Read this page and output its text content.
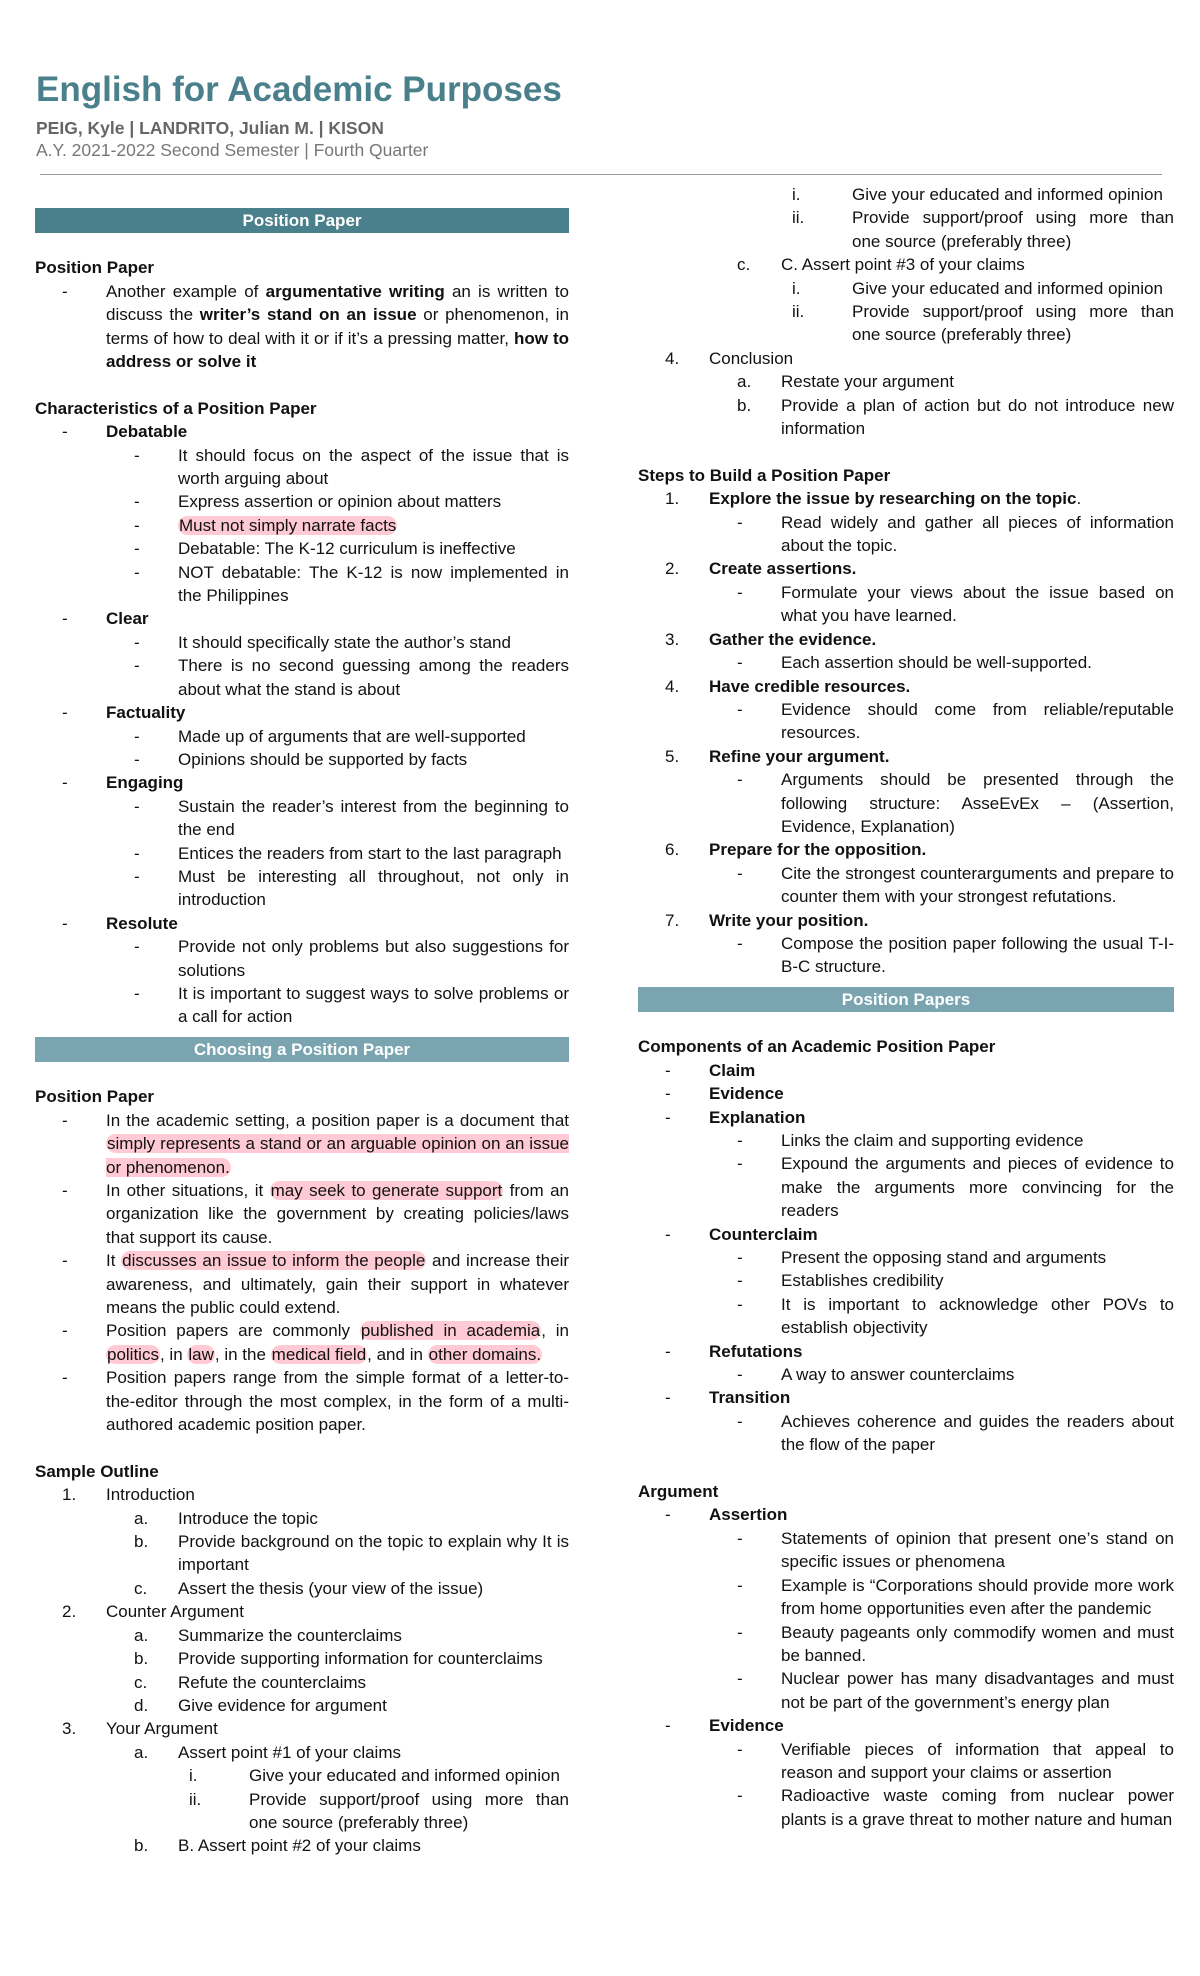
English for Academic Purposes
PEIG, Kyle | LANDRITO, Julian M. | KISON
A.Y. 2021-2022 Second Semester | Fourth Quarter
Position Paper
Position Paper
- Another example of argumentative writing an is written to discuss the writer’s stand on an issue or phenomenon, in terms of how to deal with it or if it’s a pressing matter, how to address or solve it
Characteristics of a Position Paper
- Debatable
- It should focus on the aspect of the issue that is worth arguing about
- Express assertion or opinion about matters
- Must not simply narrate facts
- Debatable: The K-12 curriculum is ineffective
- NOT debatable: The K-12 is now implemented in the Philippines
- Clear
- It should specifically state the author’s stand
- There is no second guessing among the readers about what the stand is about
- Factuality
- Made up of arguments that are well-supported
- Opinions should be supported by facts
- Engaging
- Sustain the reader’s interest from the beginning to the end
- Entices the readers from start to the last paragraph
- Must be interesting all throughout, not only in introduction
- Resolute
- Provide not only problems but also suggestions for solutions
- It is important to suggest ways to solve problems or a call for action
Choosing a Position Paper
Position Paper
- In the academic setting, a position paper is a document that simply represents a stand or an arguable opinion on an issue or phenomenon.
- In other situations, it may seek to generate support from an organization like the government by creating policies/laws that support its cause.
- It discusses an issue to inform the people and increase their awareness, and ultimately, gain their support in whatever means the public could extend.
- Position papers are commonly published in academia, in politics, in law, in the medical field, and in other domains.
- Position papers range from the simple format of a letter-to-the-editor through the most complex, in the form of a multi-authored academic position paper.
Sample Outline
1. Introduction
a. Introduce the topic
b. Provide background on the topic to explain why It is important
c. Assert the thesis (your view of the issue)
2. Counter Argument
a. Summarize the counterclaims
b. Provide supporting information for counterclaims
c. Refute the counterclaims
d. Give evidence for argument
3. Your Argument
a. Assert point #1 of your claims
i.	Give your educated and informed opinion
ii.	Provide support/proof using more than one source (preferably three)
b. B. Assert point #2 of your claims
i.	Give your educated and informed opinion
ii.	Provide support/proof using more than one source (preferably three)
c. C. Assert point #3 of your claims
i.	Give your educated and informed opinion
ii.	Provide support/proof using more than one source (preferably three)
4. Conclusion
a. Restate your argument
b. Provide a plan of action but do not introduce new information
Steps to Build a Position Paper
1. Explore the issue by researching on the topic.
- Read widely and gather all pieces of information about the topic.
2. Create assertions.
- Formulate your views about the issue based on what you have learned.
3. Gather the evidence.
- Each assertion should be well-supported.
4. Have credible resources.
- Evidence should come from reliable/reputable resources.
5. Refine your argument.
- Arguments should be presented through the following structure: AsseEvEx – (Assertion, Evidence, Explanation)
6. Prepare for the opposition.
- Cite the strongest counterarguments and prepare to counter them with your strongest refutations.
7. Write your position.
- Compose the position paper following the usual T-I-B-C structure.
Position Papers
Components of an Academic Position Paper
- Claim
- Evidence
- Explanation
- Links the claim and supporting evidence
- Expound the arguments and pieces of evidence to make the arguments more convincing for the readers
- Counterclaim
- Present the opposing stand and arguments
- Establishes credibility
- It is important to acknowledge other POVs to establish objectivity
- Refutations
- A way to answer counterclaims
- Transition
- Achieves coherence and guides the readers about the flow of the paper
Argument
- Assertion
- Statements of opinion that present one’s stand on specific issues or phenomena
- Example is “Corporations should provide more work from home opportunities even after the pandemic
- Beauty pageants only commodify women and must be banned.
- Nuclear power has many disadvantages and must not be part of the government’s energy plan
- Evidence
- Verifiable pieces of information that appeal to reason and support your claims or assertion
- Radioactive waste coming from nuclear power plants is a grave threat to mother nature and human
